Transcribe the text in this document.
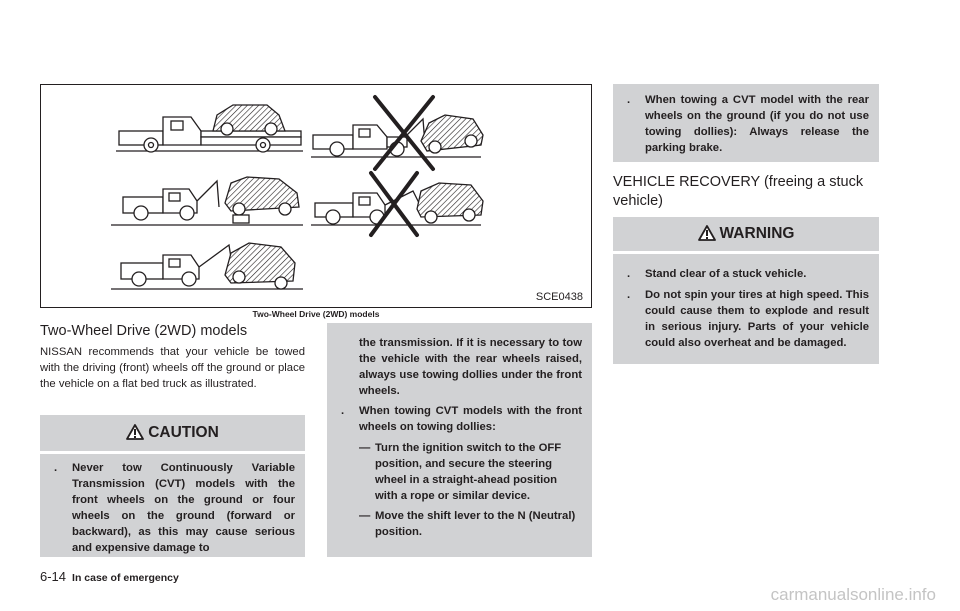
SCE0438
Two-Wheel Drive (2WD) models
Two-Wheel Drive (2WD) models
NISSAN recommends that your vehicle be towed with the driving (front) wheels off the ground or place the vehicle on a flat bed truck as illustrated.
CAUTION
.	Never tow Continuously Variable Transmission (CVT) models with the front wheels on the ground or four wheels on the ground (forward or backward), as this may cause serious and expensive damage to
the transmission. If it is necessary to tow the vehicle with the rear wheels raised, always use towing dollies under the front wheels.
.	When towing CVT models with the front wheels on towing dollies:
— Turn the ignition switch to the OFF position, and secure the steering wheel in a straight-ahead position with a rope or similar device.
— Move the shift lever to the N (Neutral) position.
.	When towing a CVT model with the rear wheels on the ground (if you do not use towing dollies): Always release the parking brake.
VEHICLE RECOVERY (freeing a stuck vehicle)
WARNING
.	Stand clear of a stuck vehicle.
.	Do not spin your tires at high speed. This could cause them to explode and result in serious injury. Parts of your vehicle could also overheat and be damaged.
6-14 In case of emergency
carmanualsonline.info
